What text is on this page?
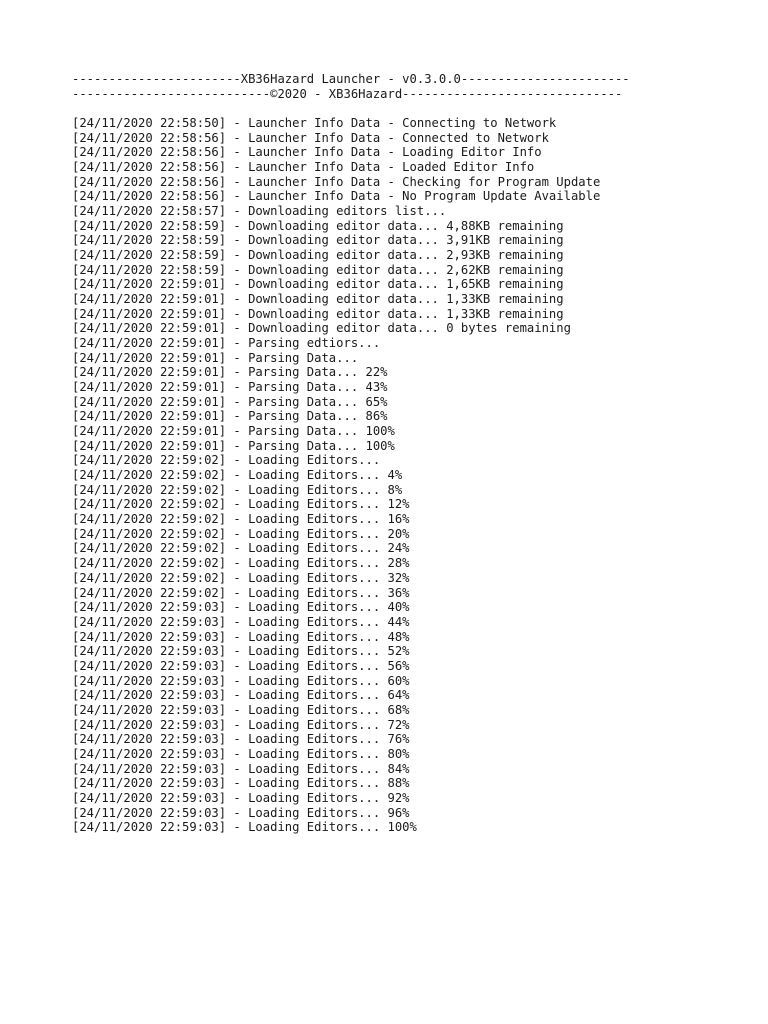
-----------------------XB36Hazard Launcher - v0.3.0.0-----------------------
---------------------------©2020 - XB36Hazard------------------------------
[24/11/2020 22:58:50] - Launcher Info Data - Connecting to Network
[24/11/2020 22:58:56] - Launcher Info Data - Connected to Network
[24/11/2020 22:58:56] - Launcher Info Data - Loading Editor Info
[24/11/2020 22:58:56] - Launcher Info Data - Loaded Editor Info
[24/11/2020 22:58:56] - Launcher Info Data - Checking for Program Update
[24/11/2020 22:58:56] - Launcher Info Data - No Program Update Available
[24/11/2020 22:58:57] - Downloading editors list...
[24/11/2020 22:58:59] - Downloading editor data... 4,88KB remaining
[24/11/2020 22:58:59] - Downloading editor data... 3,91KB remaining
[24/11/2020 22:58:59] - Downloading editor data... 2,93KB remaining
[24/11/2020 22:58:59] - Downloading editor data... 2,62KB remaining
[24/11/2020 22:59:01] - Downloading editor data... 1,65KB remaining
[24/11/2020 22:59:01] - Downloading editor data... 1,33KB remaining
[24/11/2020 22:59:01] - Downloading editor data... 1,33KB remaining
[24/11/2020 22:59:01] - Downloading editor data... 0 bytes remaining
[24/11/2020 22:59:01] - Parsing edtiors...
[24/11/2020 22:59:01] - Parsing Data...
[24/11/2020 22:59:01] - Parsing Data... 22%
[24/11/2020 22:59:01] - Parsing Data... 43%
[24/11/2020 22:59:01] - Parsing Data... 65%
[24/11/2020 22:59:01] - Parsing Data... 86%
[24/11/2020 22:59:01] - Parsing Data... 100%
[24/11/2020 22:59:01] - Parsing Data... 100%
[24/11/2020 22:59:02] - Loading Editors...
[24/11/2020 22:59:02] - Loading Editors... 4%
[24/11/2020 22:59:02] - Loading Editors... 8%
[24/11/2020 22:59:02] - Loading Editors... 12%
[24/11/2020 22:59:02] - Loading Editors... 16%
[24/11/2020 22:59:02] - Loading Editors... 20%
[24/11/2020 22:59:02] - Loading Editors... 24%
[24/11/2020 22:59:02] - Loading Editors... 28%
[24/11/2020 22:59:02] - Loading Editors... 32%
[24/11/2020 22:59:02] - Loading Editors... 36%
[24/11/2020 22:59:03] - Loading Editors... 40%
[24/11/2020 22:59:03] - Loading Editors... 44%
[24/11/2020 22:59:03] - Loading Editors... 48%
[24/11/2020 22:59:03] - Loading Editors... 52%
[24/11/2020 22:59:03] - Loading Editors... 56%
[24/11/2020 22:59:03] - Loading Editors... 60%
[24/11/2020 22:59:03] - Loading Editors... 64%
[24/11/2020 22:59:03] - Loading Editors... 68%
[24/11/2020 22:59:03] - Loading Editors... 72%
[24/11/2020 22:59:03] - Loading Editors... 76%
[24/11/2020 22:59:03] - Loading Editors... 80%
[24/11/2020 22:59:03] - Loading Editors... 84%
[24/11/2020 22:59:03] - Loading Editors... 88%
[24/11/2020 22:59:03] - Loading Editors... 92%
[24/11/2020 22:59:03] - Loading Editors... 96%
[24/11/2020 22:59:03] - Loading Editors... 100%
